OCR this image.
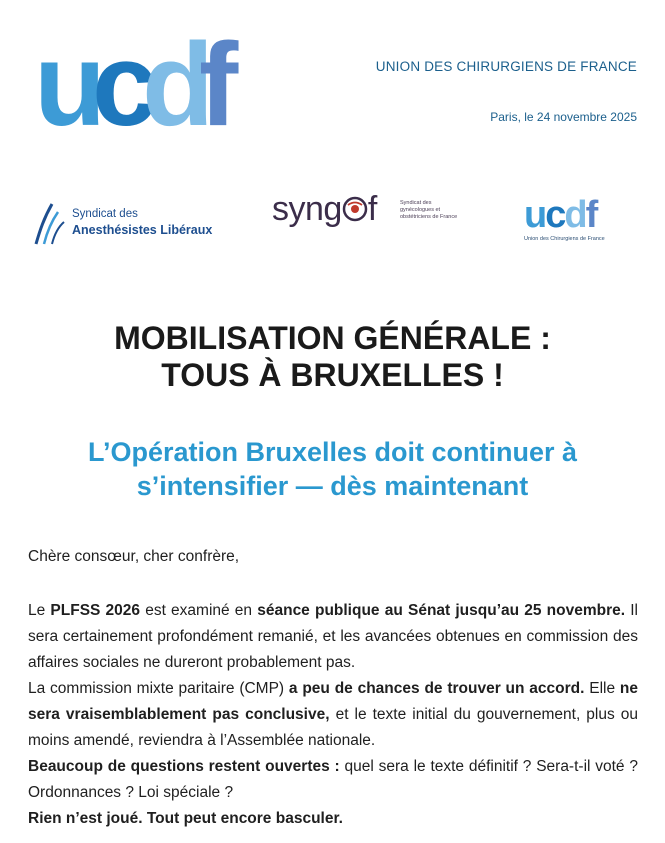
u
c
d
f	UNION DES CHIRURGIENS DE FRANCE
Paris, le 24 novembre 2025
Syndicat des
Anesthésistes Libéraux
syng f	Syndicat des gynécologues et obstétriciens de France ucdf
Union des Chirurgiens de France
MOBILISATION GÉNÉRALE :
TOUS À BRUXELLES !
L’Opération Bruxelles doit continuer à
s’intensifier — dès maintenant
Chère consœur, cher confrère,

Le PLFSS 2026 est examiné en séance publique au Sénat jusqu’au 25 novembre. Il sera certainement profondément remanié, et les avancées obtenues en commission des affaires sociales ne dureront probablement pas.

La commission mixte paritaire (CMP) a peu de chances de trouver un accord. Elle ne sera vraisemblablement pas conclusive, et le texte initial du gouvernement, plus ou moins amendé, reviendra à l’Assemblée nationale.

Beaucoup de questions restent ouvertes : quel sera le texte définitif ? Sera-t-il voté ? Ordonnances ? Loi spéciale ?

Rien n’est joué. Tout peut encore basculer.
